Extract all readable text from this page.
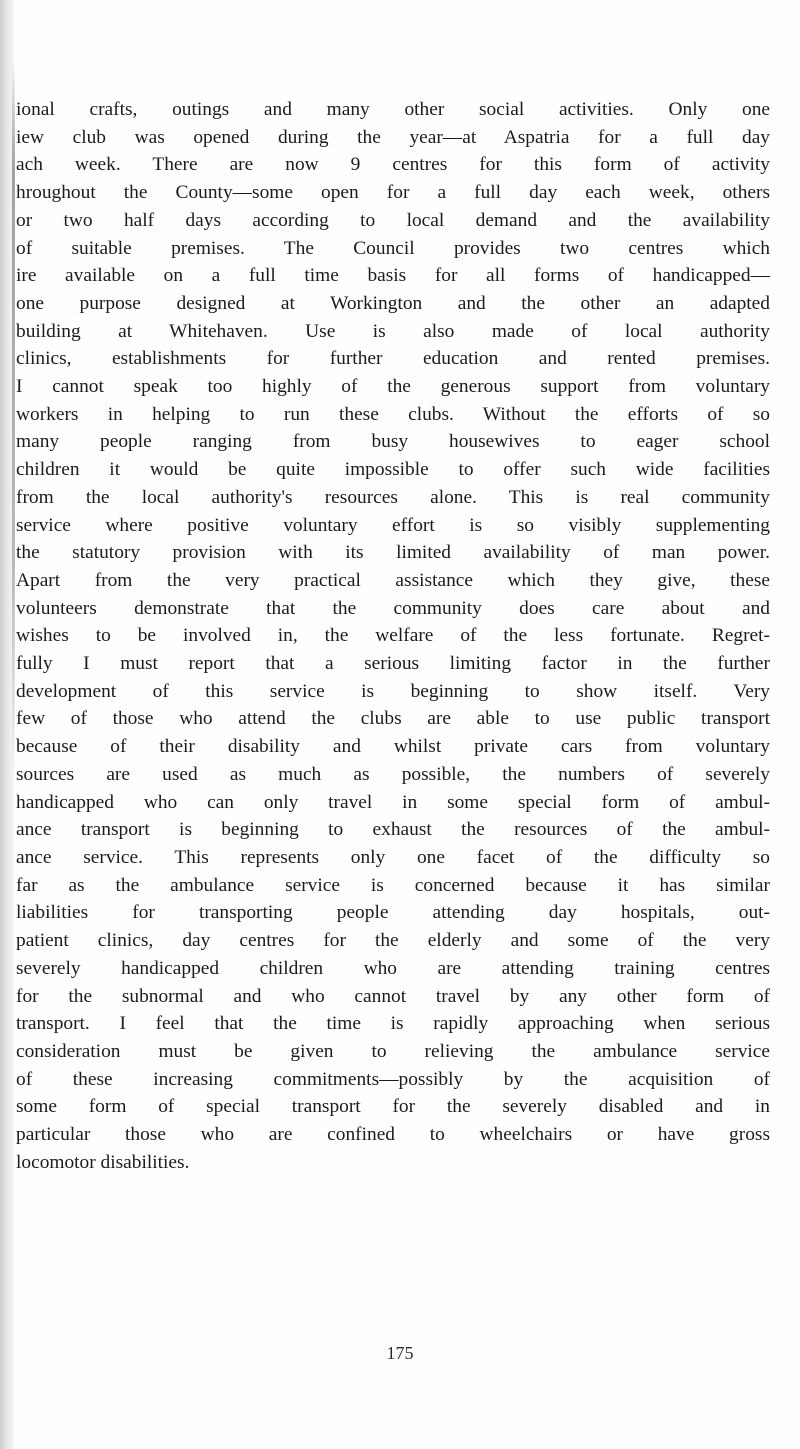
ional crafts, outings and many other social activities. Only one
iew club was opened during the year—at Aspatria for a full day
ach week. There are now 9 centres for this form of activity
hroughout the County—some open for a full day each week, others
or two half days according to local demand and the availability
of suitable premises. The Council provides two centres which
ire available on a full time basis for all forms of handicapped—
one purpose designed at Workington and the other an adapted
building at Whitehaven. Use is also made of local authority
clinics, establishments for further education and rented premises.
I cannot speak too highly of the generous support from voluntary
workers in helping to run these clubs. Without the efforts of so
many people ranging from busy housewives to eager school
children it would be quite impossible to offer such wide facilities
from the local authority's resources alone. This is real community
service where positive voluntary effort is so visibly supplementing
the statutory provision with its limited availability of man power.
Apart from the very practical assistance which they give, these
volunteers demonstrate that the community does care about and
wishes to be involved in, the welfare of the less fortunate. Regret-
fully I must report that a serious limiting factor in the further
development of this service is beginning to show itself. Very
few of those who attend the clubs are able to use public transport
because of their disability and whilst private cars from voluntary
sources are used as much as possible, the numbers of severely
handicapped who can only travel in some special form of ambul-
ance transport is beginning to exhaust the resources of the ambul-
ance service. This represents only one facet of the difficulty so
far as the ambulance service is concerned because it has similar
liabilities for transporting people attending day hospitals, out-
patient clinics, day centres for the elderly and some of the very
severely handicapped children who are attending training centres
for the subnormal and who cannot travel by any other form of
transport. I feel that the time is rapidly approaching when serious
consideration must be given to relieving the ambulance service
of these increasing commitments—possibly by the acquisition of
some form of special transport for the severely disabled and in
particular those who are confined to wheelchairs or have gross
locomotor disabilities.

175
